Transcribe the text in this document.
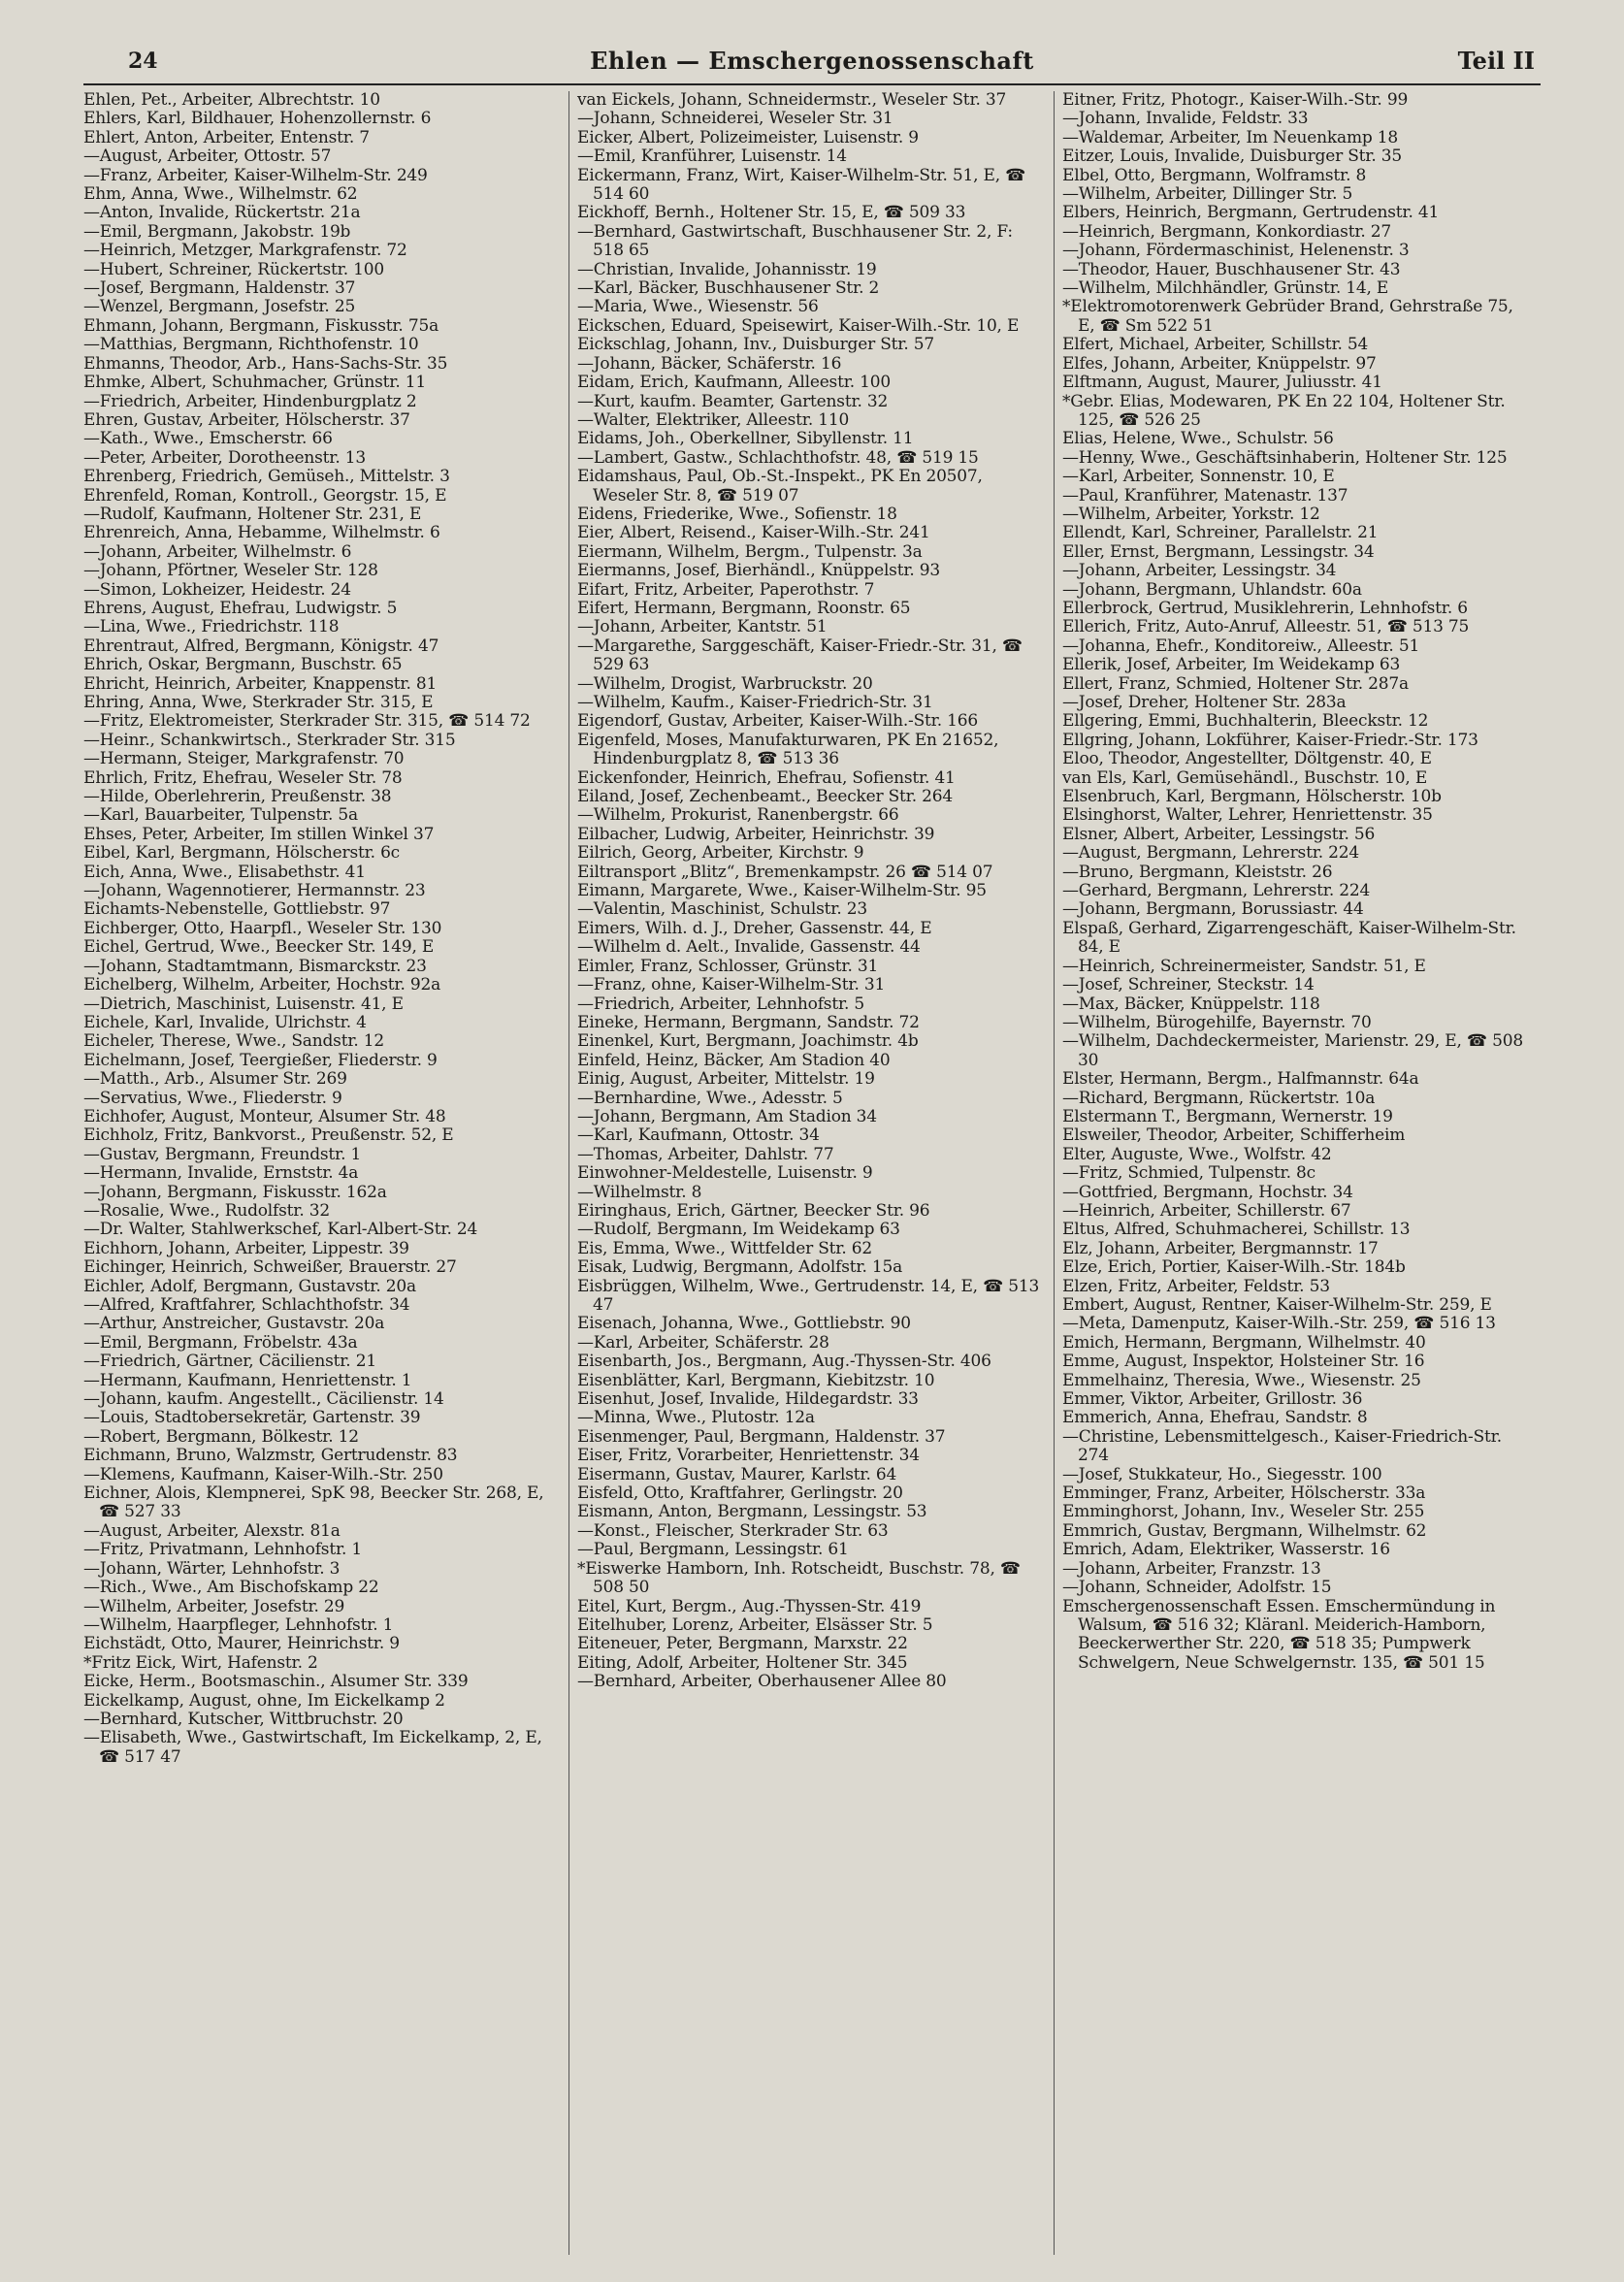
24	Ehlen — Emschergenossenschaft	Teil II

Ehlen, Pet., Arbeiter, Albrechtstr. 10

Ehlers, Karl, Bildhauer, Hohenzollernstr. 6

Ehlert, Anton, Arbeiter, Entenstr. 7

—August, Arbeiter, Ottostr. 57

—Franz, Arbeiter, Kaiser-Wilhelm-Str. 249

Ehm, Anna, Wwe., Wilhelmstr. 62

—Anton, Invalide, Rückertstr. 21a

—Emil, Bergmann, Jakobstr. 19b

—Heinrich, Metzger, Markgrafenstr. 72

—Hubert, Schreiner, Rückertstr. 100

—Josef, Bergmann, Haldenstr. 37

—Wenzel, Bergmann, Josefstr. 25

Ehmann, Johann, Bergmann, Fiskusstr. 75a

—Matthias, Bergmann, Richthofenstr. 10

Ehmanns, Theodor, Arb., Hans-Sachs-Str. 35

Ehmke, Albert, Schuhmacher, Grünstr. 11

—Friedrich, Arbeiter, Hindenburgplatz 2

Ehren, Gustav, Arbeiter, Hölscherstr. 37

—Kath., Wwe., Emscherstr. 66

—Peter, Arbeiter, Dorotheenstr. 13

Ehrenberg, Friedrich, Gemüseh., Mittelstr. 3

Ehrenfeld, Roman, Kontroll., Georgstr. 15, E

—Rudolf, Kaufmann, Holtener Str. 231, E

Ehrenreich, Anna, Hebamme, Wilhelmstr. 6

—Johann, Arbeiter, Wilhelmstr. 6

—Johann, Pförtner, Weseler Str. 128

—Simon, Lokheizer, Heidestr. 24

Ehrens, August, Ehefrau, Ludwigstr. 5

—Lina, Wwe., Friedrichstr. 118

Ehrentraut, Alfred, Bergmann, Königstr. 47

Ehrich, Oskar, Bergmann, Buschstr. 65

Ehricht, Heinrich, Arbeiter, Knappenstr. 81

Ehring, Anna, Wwe, Sterkrader Str. 315, E

—Fritz, Elektromeister, Sterkrader Str. 315, ☎ 514 72

—Heinr., Schankwirtsch., Sterkrader Str. 315

—Hermann, Steiger, Markgrafenstr. 70

Ehrlich, Fritz, Ehefrau, Weseler Str. 78

—Hilde, Oberlehrerin, Preußenstr. 38

—Karl, Bauarbeiter, Tulpenstr. 5a

Ehses, Peter, Arbeiter, Im stillen Winkel 37

Eibel, Karl, Bergmann, Hölscherstr. 6c

Eich, Anna, Wwe., Elisabethstr. 41

—Johann, Wagennotierer, Hermannstr. 23

Eichamts-Nebenstelle, Gottliebstr. 97

Eichberger, Otto, Haarpfl., Weseler Str. 130

Eichel, Gertrud, Wwe., Beecker Str. 149, E

—Johann, Stadtamtmann, Bismarckstr. 23

Eichelberg, Wilhelm, Arbeiter, Hochstr. 92a

—Dietrich, Maschinist, Luisenstr. 41, E

Eichele, Karl, Invalide, Ulrichstr. 4

Eicheler, Therese, Wwe., Sandstr. 12

Eichelmann, Josef, Teergießer, Fliederstr. 9

—Matth., Arb., Alsumer Str. 269

—Servatius, Wwe., Fliederstr. 9

Eichhofer, August, Monteur, Alsumer Str. 48

Eichholz, Fritz, Bankvorst., Preußenstr. 52, E

—Gustav, Bergmann, Freundstr. 1

—Hermann, Invalide, Ernststr. 4a

—Johann, Bergmann, Fiskusstr. 162a

—Rosalie, Wwe., Rudolfstr. 32

—Dr. Walter, Stahlwerkschef, Karl-Albert-Str. 24

Eichhorn, Johann, Arbeiter, Lippestr. 39

Eichinger, Heinrich, Schweißer, Brauerstr. 27

Eichler, Adolf, Bergmann, Gustavstr. 20a

—Alfred, Kraftfahrer, Schlachthofstr. 34

—Arthur, Anstreicher, Gustavstr. 20a

—Emil, Bergmann, Fröbelstr. 43a

—Friedrich, Gärtner, Cäcilienstr. 21

—Hermann, Kaufmann, Henriettenstr. 1

—Johann, kaufm. Angestellt., Cäcilienstr. 14

—Louis, Stadtobersekretär, Gartenstr. 39

—Robert, Bergmann, Bölkestr. 12

Eichmann, Bruno, Walzmstr, Gertrudenstr. 83

—Klemens, Kaufmann, Kaiser-Wilh.-Str. 250

Eichner, Alois, Klempnerei, SpK 98, Beecker Str. 268, E, ☎ 527 33

—August, Arbeiter, Alexstr. 81a

—Fritz, Privatmann, Lehnhofstr. 1

—Johann, Wärter, Lehnhofstr. 3

—Rich., Wwe., Am Bischofskamp 22

—Wilhelm, Arbeiter, Josefstr. 29

—Wilhelm, Haarpfleger, Lehnhofstr. 1

Eichstädt, Otto, Maurer, Heinrichstr. 9

*Fritz Eick, Wirt, Hafenstr. 2

Eicke, Herm., Bootsmaschin., Alsumer Str. 339

Eickelkamp, August, ohne, Im Eickelkamp 2

—Bernhard, Kutscher, Wittbruchstr. 20

—Elisabeth, Wwe., Gastwirtschaft, Im Eickelkamp, 2, E, ☎ 517 47

van Eickels, Johann, Schneidermstr., Weseler Str. 37

—Johann, Schneiderei, Weseler Str. 31

Eicker, Albert, Polizeimeister, Luisenstr. 9

—Emil, Kranführer, Luisenstr. 14

Eickermann, Franz, Wirt, Kaiser-Wilhelm-Str. 51, E, ☎ 514 60

Eickhoff, Bernh., Holtener Str. 15, E, ☎ 509 33

—Bernhard, Gastwirtschaft, Buschhausener Str. 2, F: 518 65

—Christian, Invalide, Johannisstr. 19

—Karl, Bäcker, Buschhausener Str. 2

—Maria, Wwe., Wiesenstr. 56

Eickschen, Eduard, Speisewirt, Kaiser-Wilh.-Str. 10, E

Eickschlag, Johann, Inv., Duisburger Str. 57

—Johann, Bäcker, Schäferstr. 16

Eidam, Erich, Kaufmann, Alleestr. 100

—Kurt, kaufm. Beamter, Gartenstr. 32

—Walter, Elektriker, Alleestr. 110

Eidams, Joh., Oberkellner, Sibyllenstr. 11

—Lambert, Gastw., Schlachthofstr. 48, ☎ 519 15

Eidamshaus, Paul, Ob.-St.-Inspekt., PK En 20507, Weseler Str. 8, ☎ 519 07

Eidens, Friederike, Wwe., Sofienstr. 18

Eier, Albert, Reisend., Kaiser-Wilh.-Str. 241

Eiermann, Wilhelm, Bergm., Tulpenstr. 3a

Eiermanns, Josef, Bierhändl., Knüppelstr. 93

Eifart, Fritz, Arbeiter, Paperothstr. 7

Eifert, Hermann, Bergmann, Roonstr. 65

—Johann, Arbeiter, Kantstr. 51

—Margarethe, Sarggeschäft, Kaiser-Friedr.-Str. 31, ☎ 529 63

—Wilhelm, Drogist, Warbruckstr. 20

—Wilhelm, Kaufm., Kaiser-Friedrich-Str. 31

Eigendorf, Gustav, Arbeiter, Kaiser-Wilh.-Str. 166

Eigenfeld, Moses, Manufakturwaren, PK En 21652, Hindenburgplatz 8, ☎ 513 36

Eickenfonder, Heinrich, Ehefrau, Sofienstr. 41

Eiland, Josef, Zechenbeamt., Beecker Str. 264

—Wilhelm, Prokurist, Ranenbergstr. 66

Eilbacher, Ludwig, Arbeiter, Heinrichstr. 39

Eilrich, Georg, Arbeiter, Kirchstr. 9

Eiltransport „Blitz“, Bremenkampstr. 26 ☎ 514 07

Eimann, Margarete, Wwe., Kaiser-Wilhelm-Str. 95

—Valentin, Maschinist, Schulstr. 23

Eimers, Wilh. d. J., Dreher, Gassenstr. 44, E

—Wilhelm d. Aelt., Invalide, Gassenstr. 44

Eimler, Franz, Schlosser, Grünstr. 31

—Franz, ohne, Kaiser-Wilhelm-Str. 31

—Friedrich, Arbeiter, Lehnhofstr. 5

Eineke, Hermann, Bergmann, Sandstr. 72

Einenkel, Kurt, Bergmann, Joachimstr. 4b

Einfeld, Heinz, Bäcker, Am Stadion 40

Einig, August, Arbeiter, Mittelstr. 19

—Bernhardine, Wwe., Adesstr. 5

—Johann, Bergmann, Am Stadion 34

—Karl, Kaufmann, Ottostr. 34

—Thomas, Arbeiter, Dahlstr. 77

Einwohner-Meldestelle, Luisenstr. 9

—Wilhelmstr. 8

Eiringhaus, Erich, Gärtner, Beecker Str. 96

—Rudolf, Bergmann, Im Weidekamp 63

Eis, Emma, Wwe., Wittfelder Str. 62

Eisak, Ludwig, Bergmann, Adolfstr. 15a

Eisbrüggen, Wilhelm, Wwe., Gertrudenstr. 14, E, ☎ 513 47

Eisenach, Johanna, Wwe., Gottliebstr. 90

—Karl, Arbeiter, Schäferstr. 28

Eisenbarth, Jos., Bergmann, Aug.-Thyssen-Str. 406

Eisenblätter, Karl, Bergmann, Kiebitzstr. 10

Eisenhut, Josef, Invalide, Hildegardstr. 33

—Minna, Wwe., Plutostr. 12a

Eisenmenger, Paul, Bergmann, Haldenstr. 37

Eiser, Fritz, Vorarbeiter, Henriettenstr. 34

Eisermann, Gustav, Maurer, Karlstr. 64

Eisfeld, Otto, Kraftfahrer, Gerlingstr. 20

Eismann, Anton, Bergmann, Lessingstr. 53

—Konst., Fleischer, Sterkrader Str. 63

—Paul, Bergmann, Lessingstr. 61

*Eiswerke Hamborn, Inh. Rotscheidt, Buschstr. 78, ☎ 508 50

Eitel, Kurt, Bergm., Aug.-Thyssen-Str. 419

Eitelhuber, Lorenz, Arbeiter, Elsässer Str. 5

Eiteneuer, Peter, Bergmann, Marxstr. 22

Eiting, Adolf, Arbeiter, Holtener Str. 345

—Bernhard, Arbeiter, Oberhausener Allee 80

Eitner, Fritz, Photogr., Kaiser-Wilh.-Str. 99

—Johann, Invalide, Feldstr. 33

—Waldemar, Arbeiter, Im Neuenkamp 18

Eitzer, Louis, Invalide, Duisburger Str. 35

Elbel, Otto, Bergmann, Wolframstr. 8

—Wilhelm, Arbeiter, Dillinger Str. 5

Elbers, Heinrich, Bergmann, Gertrudenstr. 41

—Heinrich, Bergmann, Konkordiastr. 27

—Johann, Fördermaschinist, Helenenstr. 3

—Theodor, Hauer, Buschhausener Str. 43

—Wilhelm, Milchhändler, Grünstr. 14, E

*Elektromotorenwerk Gebrüder Brand, Gehrstraße 75, E, ☎ Sm 522 51

Elfert, Michael, Arbeiter, Schillstr. 54

Elfes, Johann, Arbeiter, Knüppelstr. 97

Elftmann, August, Maurer, Juliusstr. 41

*Gebr. Elias, Modewaren, PK En 22 104, Holtener Str. 125, ☎ 526 25

Elias, Helene, Wwe., Schulstr. 56

—Henny, Wwe., Geschäftsinhaberin, Holtener Str. 125

—Karl, Arbeiter, Sonnenstr. 10, E

—Paul, Kranführer, Matenastr. 137

—Wilhelm, Arbeiter, Yorkstr. 12

Ellendt, Karl, Schreiner, Parallelstr. 21

Eller, Ernst, Bergmann, Lessingstr. 34

—Johann, Arbeiter, Lessingstr. 34

—Johann, Bergmann, Uhlandstr. 60a

Ellerbrock, Gertrud, Musiklehrerin, Lehnhofstr. 6

Ellerich, Fritz, Auto-Anruf, Alleestr. 51, ☎ 513 75

—Johanna, Ehefr., Konditoreiw., Alleestr. 51

Ellerik, Josef, Arbeiter, Im Weidekamp 63

Ellert, Franz, Schmied, Holtener Str. 287a

—Josef, Dreher, Holtener Str. 283a

Ellgering, Emmi, Buchhalterin, Bleeckstr. 12

Ellgring, Johann, Lokführer, Kaiser-Friedr.-Str. 173

Eloo, Theodor, Angestellter, Döltgenstr. 40, E

van Els, Karl, Gemüsehändl., Buschstr. 10, E

Elsenbruch, Karl, Bergmann, Hölscherstr. 10b

Elsinghorst, Walter, Lehrer, Henriettenstr. 35

Elsner, Albert, Arbeiter, Lessingstr. 56

—August, Bergmann, Lehrerstr. 224

—Bruno, Bergmann, Kleiststr. 26

—Gerhard, Bergmann, Lehrerstr. 224

—Johann, Bergmann, Borussiastr. 44

Elspaß, Gerhard, Zigarrengeschäft, Kaiser-Wilhelm-Str. 84, E

—Heinrich, Schreinermeister, Sandstr. 51, E

—Josef, Schreiner, Steckstr. 14

—Max, Bäcker, Knüppelstr. 118

—Wilhelm, Bürogehilfe, Bayernstr. 70

—Wilhelm, Dachdeckermeister, Marienstr. 29, E, ☎ 508 30

Elster, Hermann, Bergm., Halfmannstr. 64a

—Richard, Bergmann, Rückertstr. 10a

Elstermann T., Bergmann, Wernerstr. 19

Elsweiler, Theodor, Arbeiter, Schifferheim

Elter, Auguste, Wwe., Wolfstr. 42

—Fritz, Schmied, Tulpenstr. 8c

—Gottfried, Bergmann, Hochstr. 34

—Heinrich, Arbeiter, Schillerstr. 67

Eltus, Alfred, Schuhmacherei, Schillstr. 13

Elz, Johann, Arbeiter, Bergmannstr. 17

Elze, Erich, Portier, Kaiser-Wilh.-Str. 184b

Elzen, Fritz, Arbeiter, Feldstr. 53

Embert, August, Rentner, Kaiser-Wilhelm-Str. 259, E

—Meta, Damenputz, Kaiser-Wilh.-Str. 259, ☎ 516 13

Emich, Hermann, Bergmann, Wilhelmstr. 40

Emme, August, Inspektor, Holsteiner Str. 16

Emmelhainz, Theresia, Wwe., Wiesenstr. 25

Emmer, Viktor, Arbeiter, Grillostr. 36

Emmerich, Anna, Ehefrau, Sandstr. 8

—Christine, Lebensmittelgesch., Kaiser-Friedrich-Str. 274

—Josef, Stukkateur, Ho., Siegesstr. 100

Emminger, Franz, Arbeiter, Hölscherstr. 33a

Emminghorst, Johann, Inv., Weseler Str. 255

Emmrich, Gustav, Bergmann, Wilhelmstr. 62

Emrich, Adam, Elektriker, Wasserstr. 16

—Johann, Arbeiter, Franzstr. 13

—Johann, Schneider, Adolfstr. 15

Emschergenossenschaft Essen. Emschermündung in Walsum, ☎ 516 32; Kläranl. Meiderich-Hamborn, Beeckerwerther Str. 220, ☎ 518 35; Pumpwerk Schwelgern, Neue Schwelgernstr. 135, ☎ 501 15
